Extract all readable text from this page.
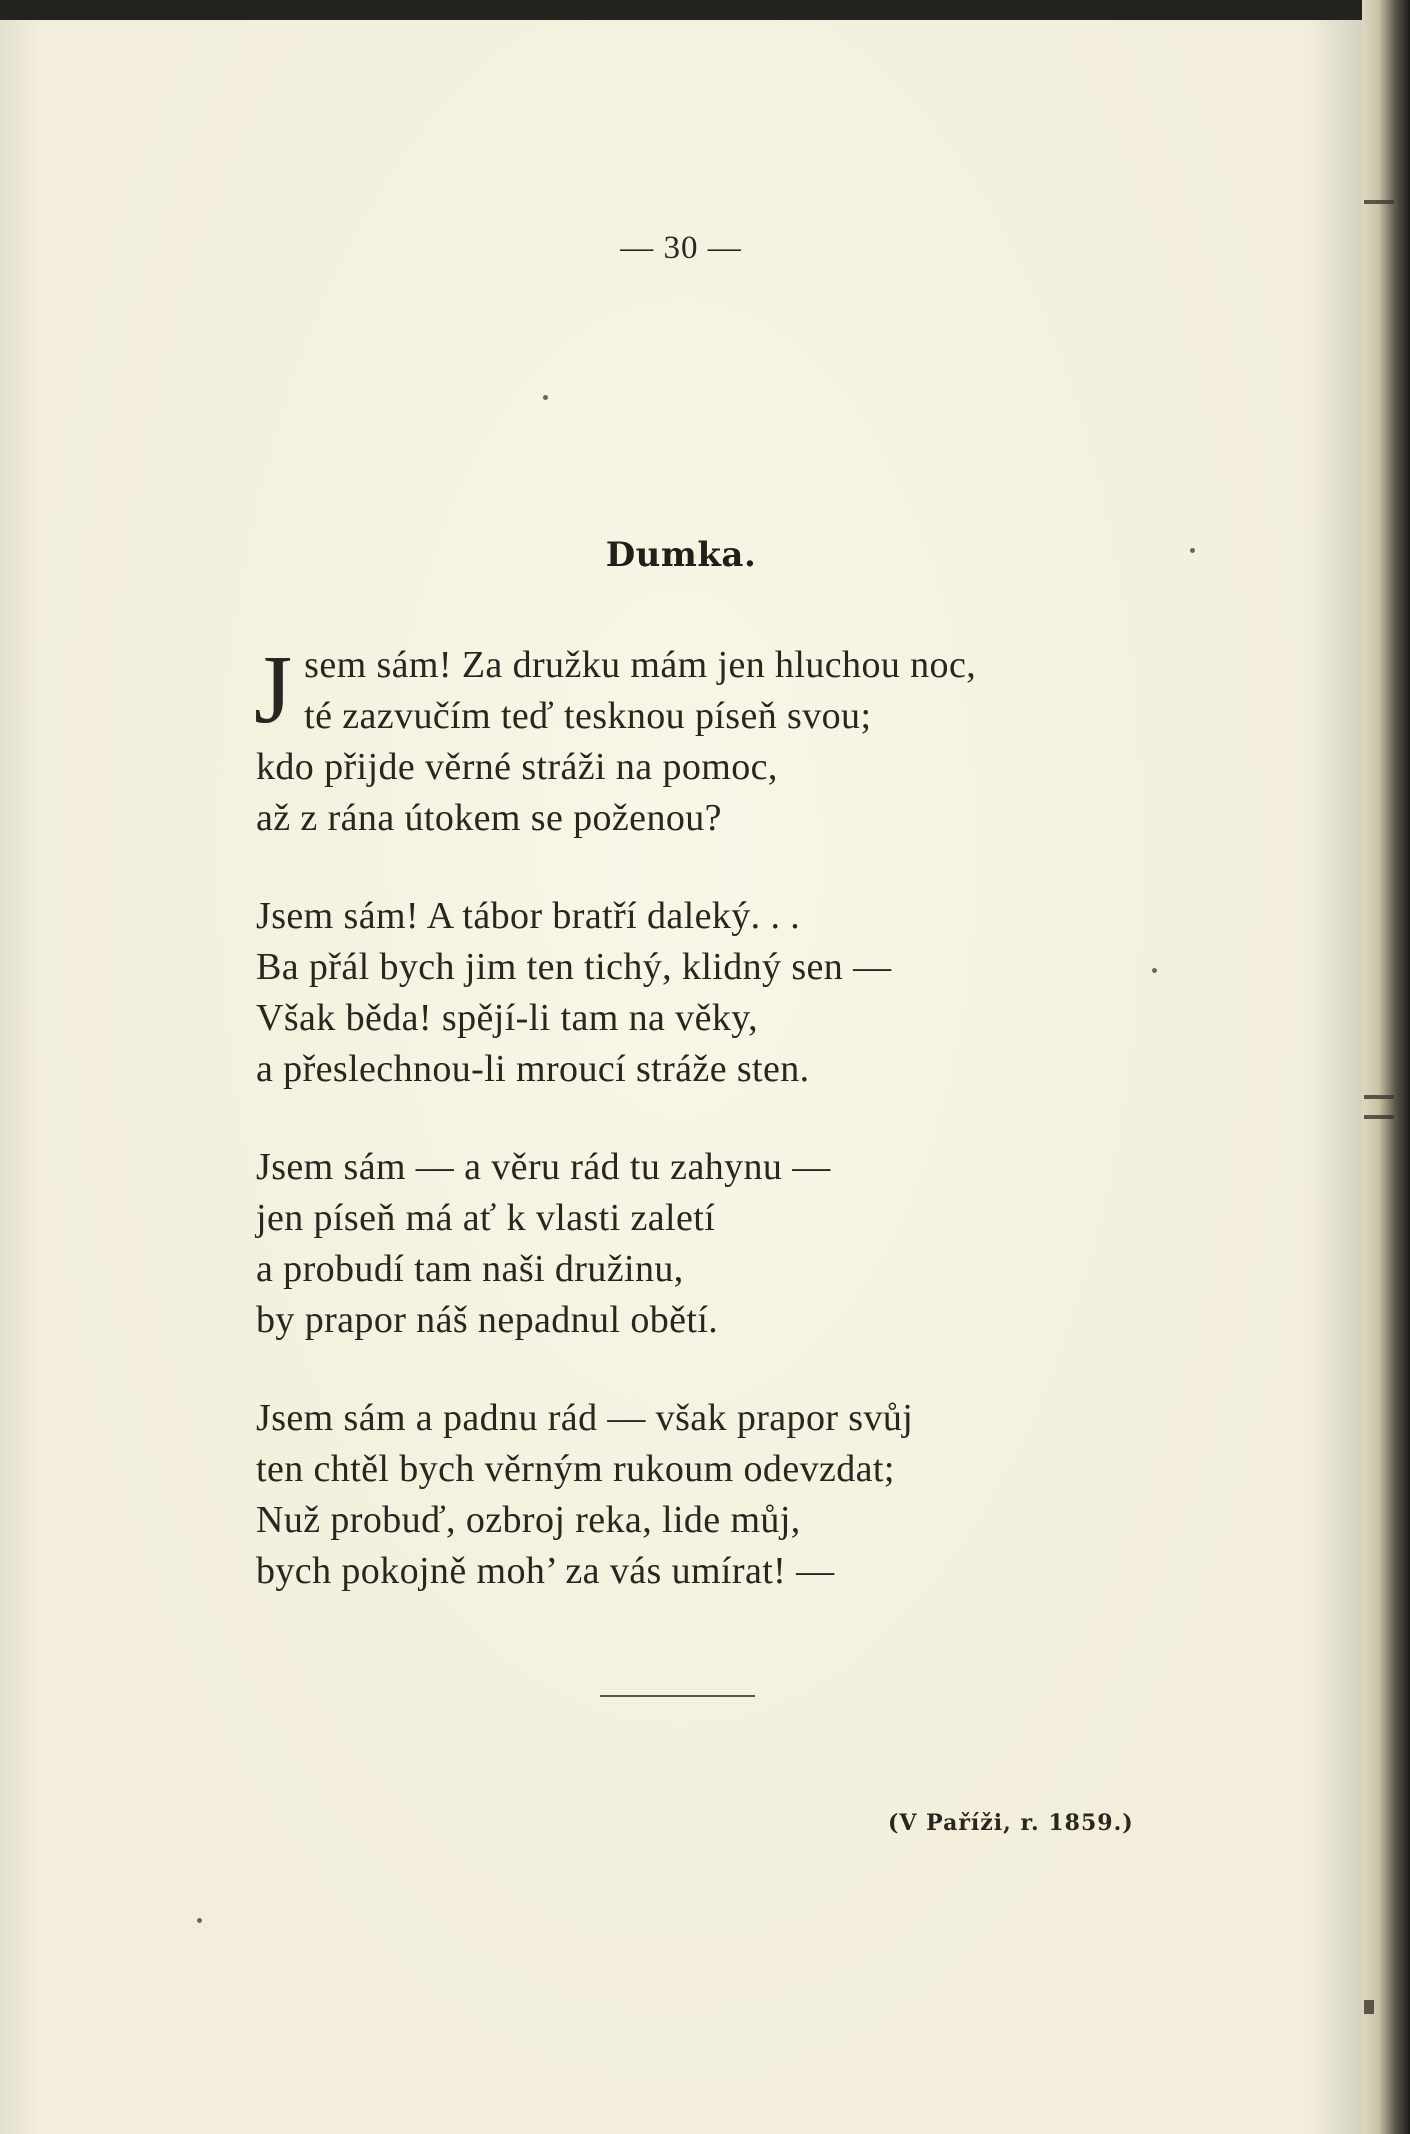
— 30 —
Dumka.
J sem sám! Za družku mám jen hluchou noc,
té zazvučím teď tesknou píseň svou;
kdo přijde věrné stráži na pomoc,
až z rána útokem se poženou?
Jsem sám! A tábor bratří daleký. . .
Ba přál bych jim ten tichý, klidný sen —
Však běda! spějí-li tam na věky,
a přeslechnou-li mroucí stráže sten.
Jsem sám — a věru rád tu zahynu —
jen píseň má ať k vlasti zaletí
a probudí tam naši družinu,
by prapor náš nepadnul obětí.
Jsem sám a padnu rád — však prapor svůj
ten chtěl bych věrným rukoum odevzdat;
Nuž probuď, ozbroj reka, lide můj,
bych pokojně moh’ za vás umírat! —
(V Paříži, r. 1859.)
